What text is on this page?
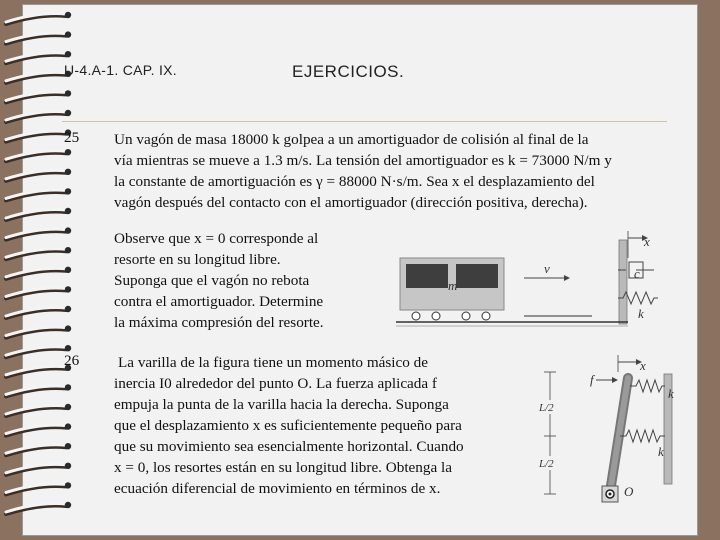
U-4.A-1. CAP. IX.	EJERCICIOS.
25 Un vagón de masa 18000 k golpea a un amortiguador de colisión al final de la

vía mientras se mueve a 1.3 m/s. La tensión del amortiguador es k = 73000 N/m y

la constante de amortiguación es γ = 88000 N·s/m. Sea x el desplazamiento del

vagón después del contacto con el amortiguador (dirección positiva, derecha).

Observe que x = 0 corresponde al

resorte en su longitud libre.

Suponga que el vagón no rebota

contra el amortiguador. Determine

la máxima compresión del resorte.

x
c
k
m
v
26	La varilla de la figura tiene un momento másico de

inercia I0 alrededor del punto O. La fuerza aplicada f

empuja la punta de la varilla hacia la derecha. Suponga

que el desplazamiento x es suficientemente pequeño para

que su movimiento sea esencialmente horizontal. Cuando

x = 0, los resortes están en su longitud libre. Obtenga la

ecuación diferencial de movimiento en términos de x.

x
f
L/2
L/2
k
k
O
